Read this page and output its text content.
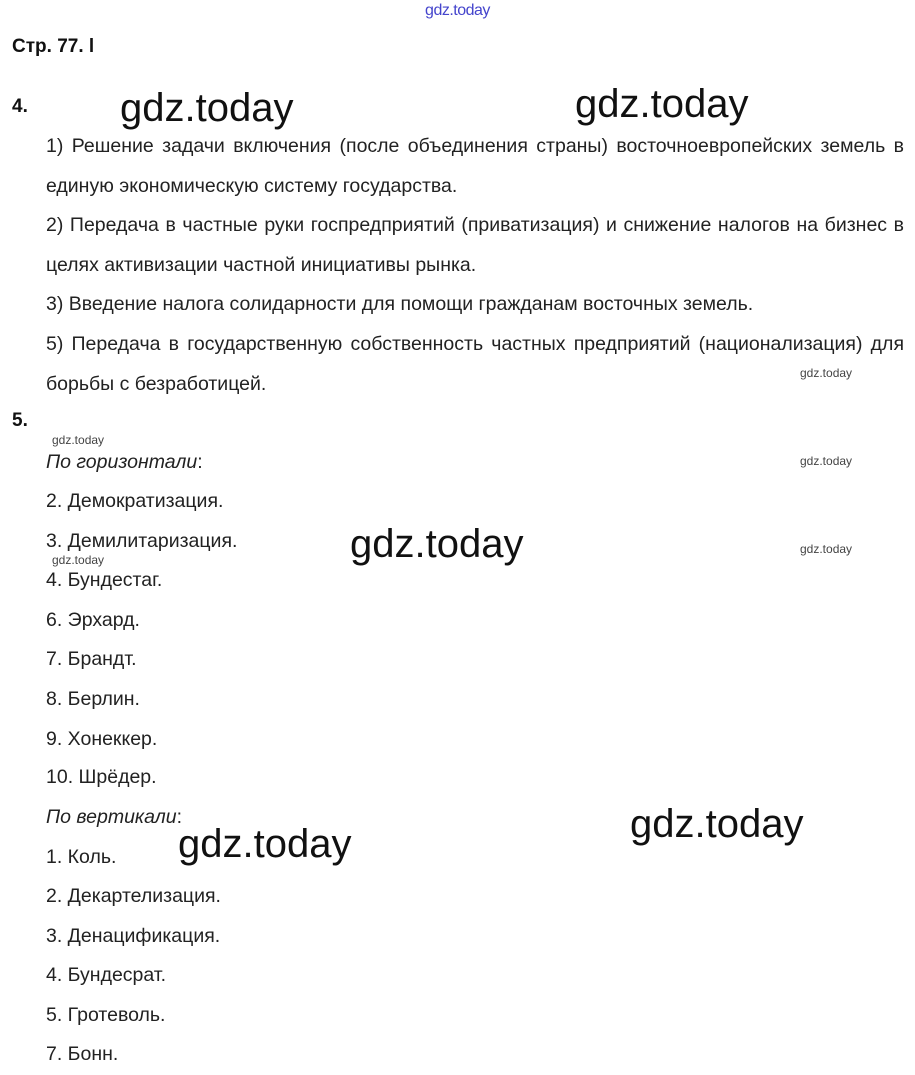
gdz.today
Стр. 77. l
4.
1) Решение задачи включения (после объединения страны) восточноевропейских земель в единую экономическую систему государства.
2) Передача в частные руки госпредприятий (приватизация) и снижение налогов на бизнес в целях активизации частной инициативы рынка.
3) Введение налога солидарности для помощи гражданам восточных земель.
5) Передача в государственную собственность частных предприятий (национализация) для борьбы с безработицей.
5.
По горизонтали:
2. Демократизация.
3. Демилитаризация.
4. Бундестаг.
6. Эрхард.
7. Брандт.
8. Берлин.
9. Хонеккер.
10. Шрёдер.
По вертикали:
1. Коль.
2. Декартелизация.
3. Денацификация.
4. Бундесрат.
5. Гротеволь.
7. Бонн.
gdz.today	gdz.today
gdz.today
gdz.today
gdz.today
gdz.today
gdz.today
gdz.today
gdz.today
gdz.today
